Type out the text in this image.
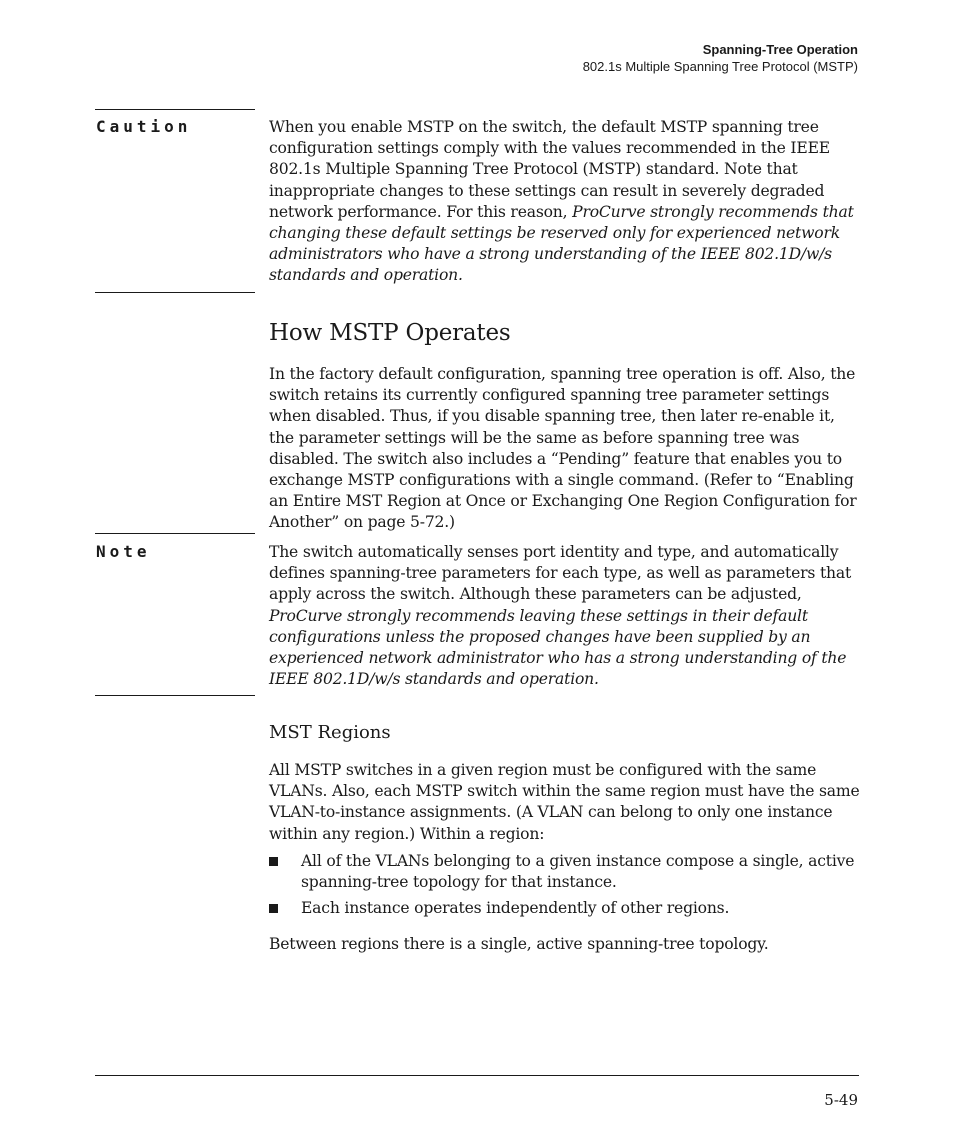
Spanning-Tree Operation
802.1s Multiple Spanning Tree Protocol (MSTP)
Caution	When you enable MSTP on the switch, the default MSTP spanning tree configuration settings comply with the values recommended in the IEEE 802.1s Multiple Spanning Tree Protocol (MSTP) standard. Note that inappropriate changes to these settings can result in severely degraded network performance. For this reason, ProCurve strongly recommends that changing these default settings be reserved only for experienced network administrators who have a strong understanding of the IEEE 802.1D/w/s standards and operation.
How MSTP Operates
In the factory default configuration, spanning tree operation is off. Also, the switch retains its currently configured spanning tree parameter settings when disabled. Thus, if you disable spanning tree, then later re-enable it, the parameter settings will be the same as before spanning tree was disabled. The switch also includes a “Pending” feature that enables you to exchange MSTP configurations with a single command. (Refer to “Enabling an Entire MST Region at Once or Exchanging One Region Configuration for Another” on page 5-72.)
Note	The switch automatically senses port identity and type, and automatically defines spanning-tree parameters for each type, as well as parameters that apply across the switch. Although these parameters can be adjusted, ProCurve strongly recommends leaving these settings in their default configurations unless the proposed changes have been supplied by an experienced network administrator who has a strong understanding of the IEEE 802.1D/w/s standards and operation.
MST Regions
All MSTP switches in a given region must be configured with the same VLANs. Also, each MSTP switch within the same region must have the same VLAN-to-instance assignments. (A VLAN can belong to only one instance within any region.) Within a region:
All of the VLANs belonging to a given instance compose a single, active spanning-tree topology for that instance.
Each instance operates independently of other regions.
Between regions there is a single, active spanning-tree topology.
5-49
